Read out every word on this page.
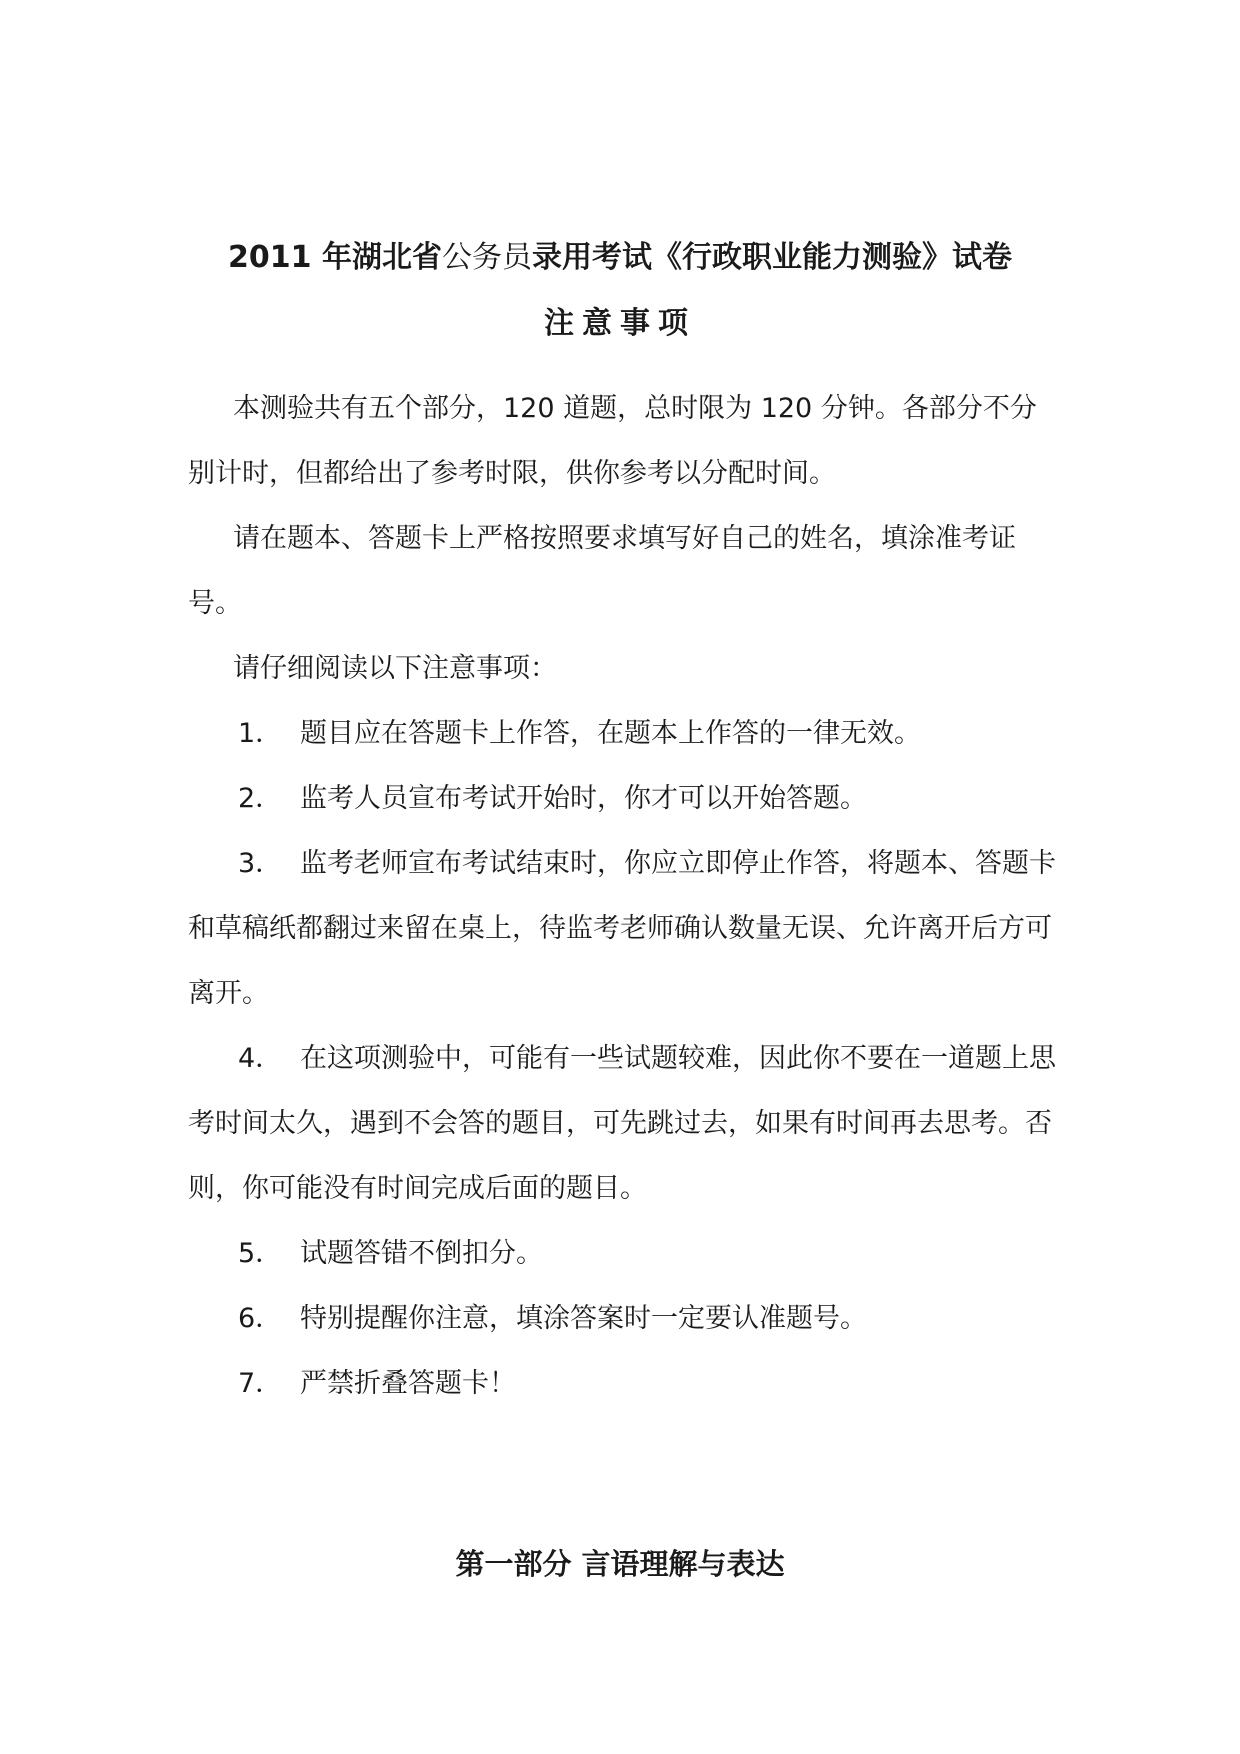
2011 年湖北省公务员录用考试《行政职业能力测验》试卷
注意事项

本测验共有五个部分，120 道题，总时限为 120 分钟。各部分不分别计时，但都给出了参考时限，供你参考以分配时间。

请在题本、答题卡上严格按照要求填写好自己的姓名，填涂准考证号。

请仔细阅读以下注意事项：

1． 题目应在答题卡上作答，在题本上作答的一律无效。

2． 监考人员宣布考试开始时，你才可以开始答题。

3． 监考老师宣布考试结束时，你应立即停止作答，将题本、答题卡和草稿纸都翻过来留在桌上，待监考老师确认数量无误、允许离开后方可离开。

4． 在这项测验中，可能有一些试题较难，因此你不要在一道题上思考时间太久，遇到不会答的题目，可先跳过去，如果有时间再去思考。否则，你可能没有时间完成后面的题目。

5． 试题答错不倒扣分。

6． 特别提醒你注意，填涂答案时一定要认准题号。

7． 严禁折叠答题卡！

第一部分 言语理解与表达
